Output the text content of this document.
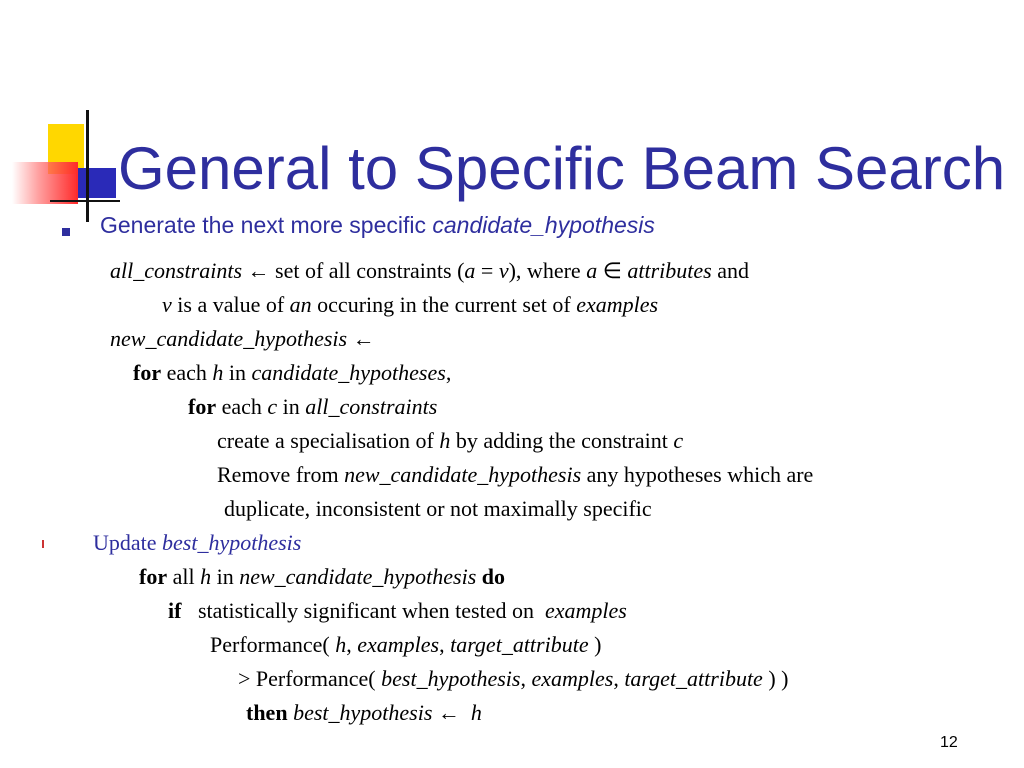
General to Specific Beam Search
Generate the next more specific candidate_hypothesis
all_constraints ← set of all constraints (a = v), where a ∈ attributes and
v is a value of an occuring in the current set of examples
new_candidate_hypothesis ←
for each h in candidate_hypotheses,
for each c in all_constraints
create a specialisation of h by adding the constraint c
Remove from new_candidate_hypothesis any hypotheses which are
duplicate, inconsistent or not maximally specific
Update best_hypothesis
for all h in new_candidate_hypothesis do
if   statistically significant when tested on  examples
Performance( h, examples, target_attribute )
> Performance( best_hypothesis, examples, target_attribute ) )
then best_hypothesis ←  h
12
